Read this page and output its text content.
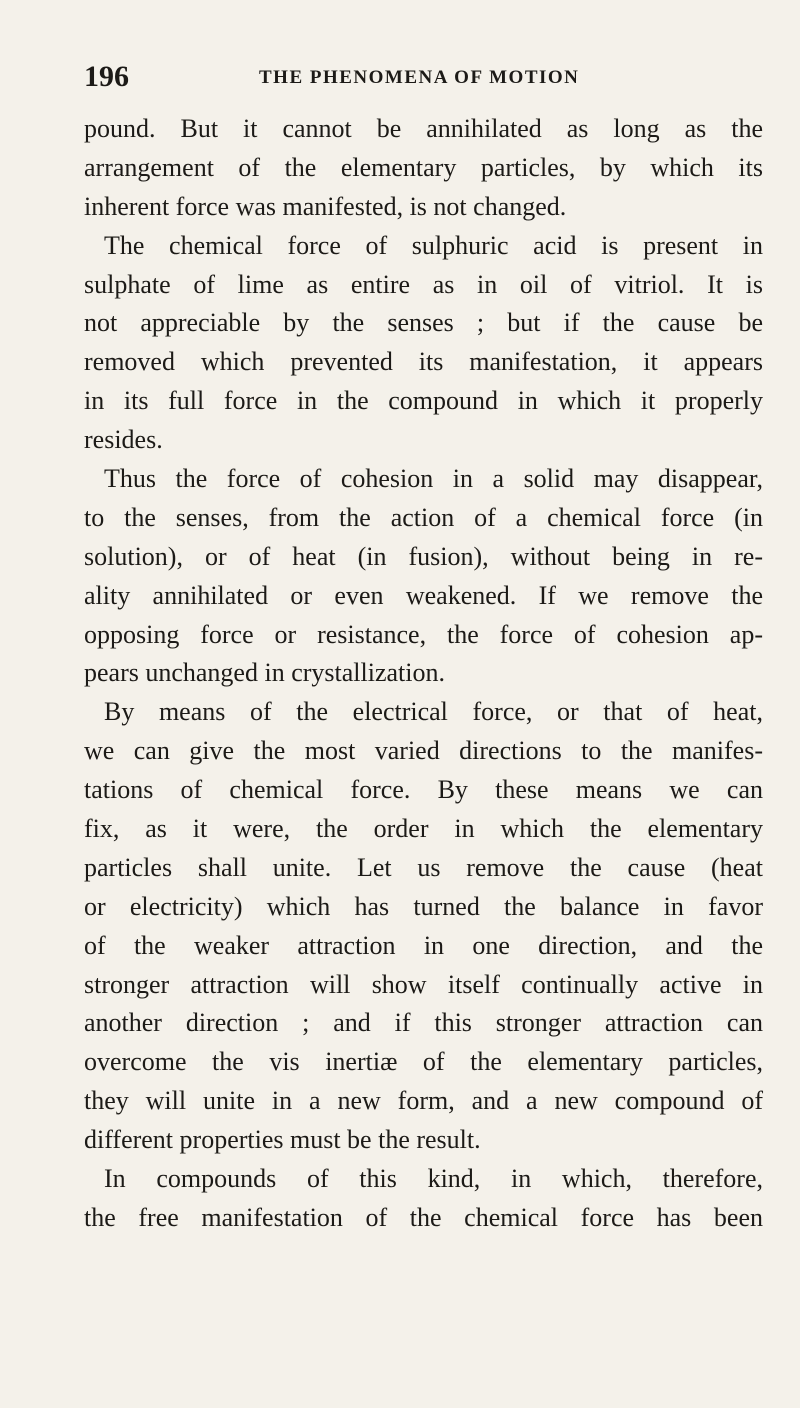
196	THE PHENOMENA OF MOTION
pound. But it cannot be annihilated as long as the
arrangement of the elementary particles, by which its
inherent force was manifested, is not changed.
The chemical force of sulphuric acid is present in
sulphate of lime as entire as in oil of vitriol. It is
not appreciable by the senses ; but if the cause be
removed which prevented its manifestation, it appears
in its full force in the compound in which it properly
resides.
Thus the force of cohesion in a solid may disappear,
to the senses, from the action of a chemical force (in
solution), or of heat (in fusion), without being in re-
ality annihilated or even weakened. If we remove the
opposing force or resistance, the force of cohesion ap-
pears unchanged in crystallization.
By means of the electrical force, or that of heat,
we can give the most varied directions to the manifes-
tations of chemical force. By these means we can
fix, as it were, the order in which the elementary
particles shall unite. Let us remove the cause (heat
or electricity) which has turned the balance in favor
of the weaker attraction in one direction, and the
stronger attraction will show itself continually active in
another direction ; and if this stronger attraction can
overcome the vis inertiæ of the elementary particles,
they will unite in a new form, and a new compound of
different properties must be the result.
In compounds of this kind, in which, therefore,
the free manifestation of the chemical force has been
